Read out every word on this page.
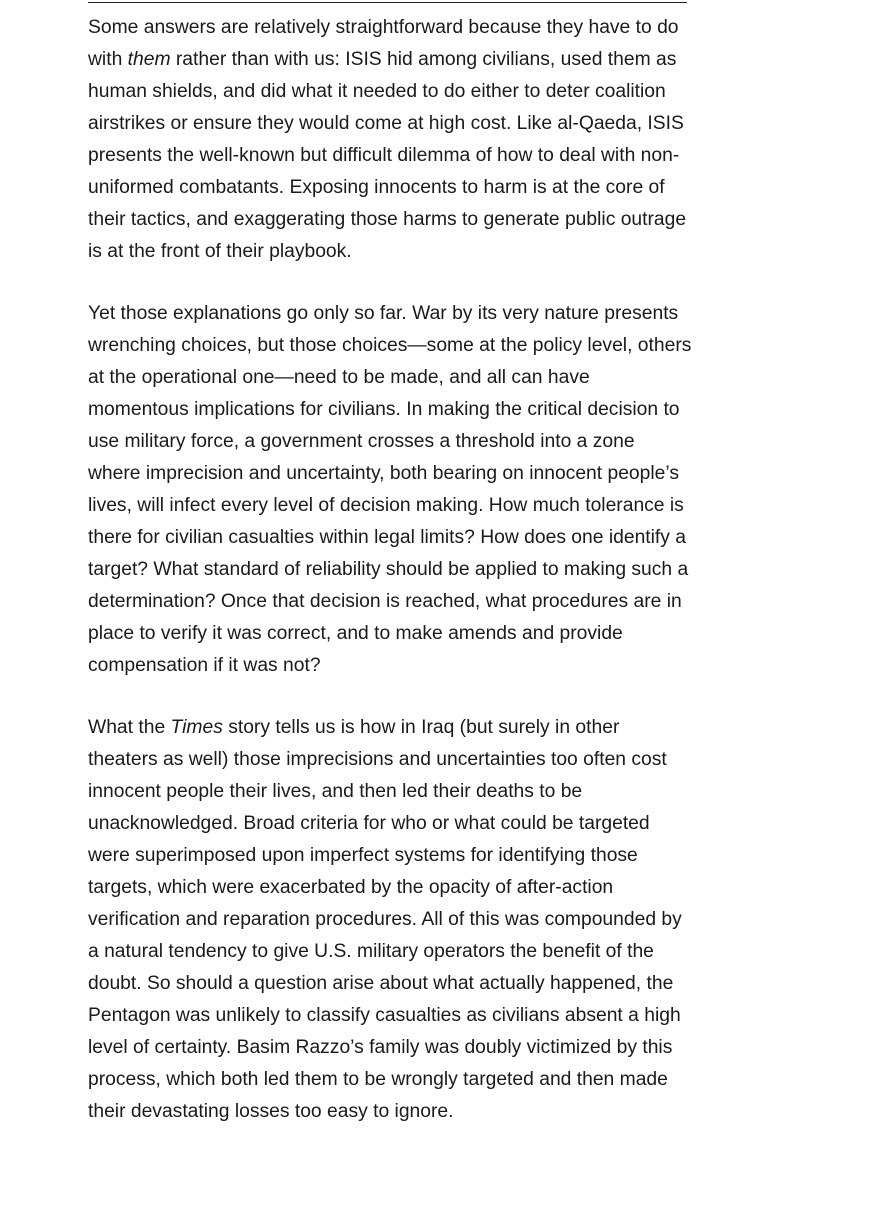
Some answers are relatively straightforward because they have to do with them rather than with us: ISIS hid among civilians, used them as human shields, and did what it needed to do either to deter coalition airstrikes or ensure they would come at high cost. Like al-Qaeda, ISIS presents the well-known but difficult dilemma of how to deal with non-uniformed combatants. Exposing innocents to harm is at the core of their tactics, and exaggerating those harms to generate public outrage is at the front of their playbook.

Yet those explanations go only so far. War by its very nature presents wrenching choices, but those choices—some at the policy level, others at the operational one—need to be made, and all can have momentous implications for civilians. In making the critical decision to use military force, a government crosses a threshold into a zone where imprecision and uncertainty, both bearing on innocent people’s lives, will infect every level of decision making. How much tolerance is there for civilian casualties within legal limits? How does one identify a target? What standard of reliability should be applied to making such a determination? Once that decision is reached, what procedures are in place to verify it was correct, and to make amends and provide compensation if it was not?

What the Times story tells us is how in Iraq (but surely in other theaters as well) those imprecisions and uncertainties too often cost innocent people their lives, and then led their deaths to be unacknowledged. Broad criteria for who or what could be targeted were superimposed upon imperfect systems for identifying those targets, which were exacerbated by the opacity of after-action verification and reparation procedures. All of this was compounded by a natural tendency to give U.S. military operators the benefit of the doubt. So should a question arise about what actually happened, the Pentagon was unlikely to classify casualties as civilians absent a high level of certainty. Basim Razzo’s family was doubly victimized by this process, which both led them to be wrongly targeted and then made their devastating losses too easy to ignore.
